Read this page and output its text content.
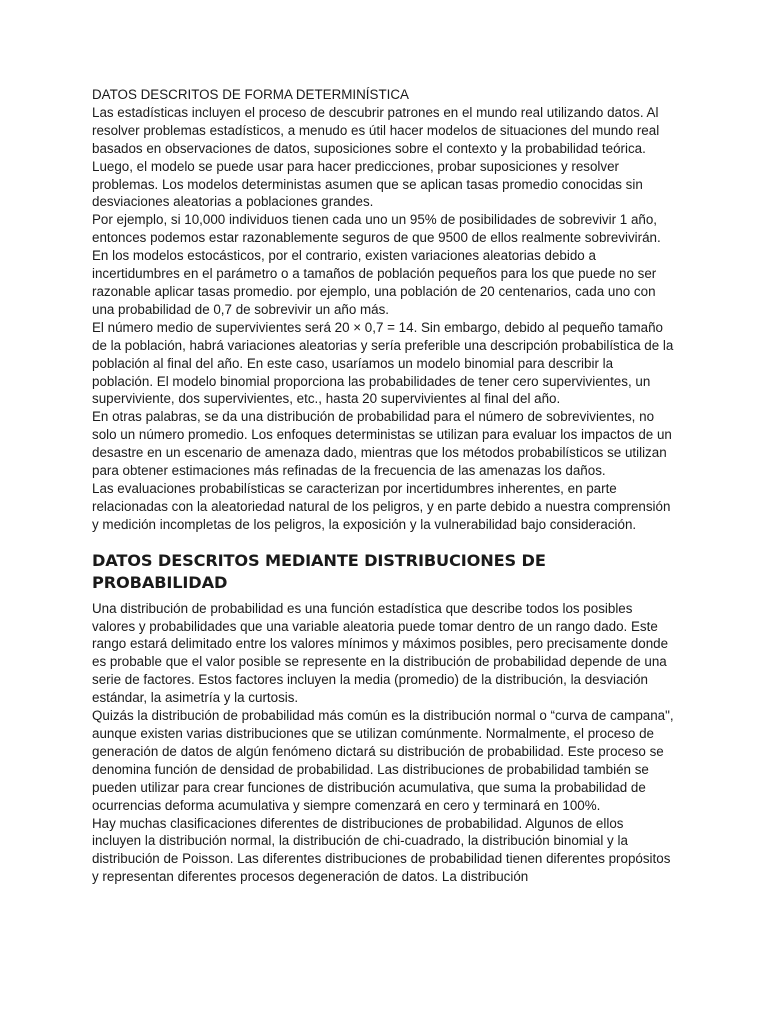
DATOS DESCRITOS DE FORMA DETERMINÍSTICA

Las estadísticas incluyen el proceso de descubrir patrones en el mundo real utilizando datos. Al resolver problemas estadísticos, a menudo es útil hacer modelos de situaciones del mundo real basados en observaciones de datos, suposiciones sobre el contexto y la probabilidad teórica. Luego, el modelo se puede usar para hacer predicciones, probar suposiciones y resolver problemas. Los modelos deterministas asumen que se aplican tasas promedio conocidas sin desviaciones aleatorias a poblaciones grandes.

Por ejemplo, si 10,000 individuos tienen cada uno un 95% de posibilidades de sobrevivir 1 año, entonces podemos estar razonablemente seguros de que 9500 de ellos realmente sobrevivirán. En los modelos estocásticos, por el contrario, existen variaciones aleatorias debido a incertidumbres en el parámetro o a tamaños de población pequeños para los que puede no ser razonable aplicar tasas promedio. por ejemplo, una población de 20 centenarios, cada uno con una probabilidad de 0,7 de sobrevivir un año más.

El número medio de supervivientes será 20 × 0,7 = 14. Sin embargo, debido al pequeño tamaño de la población, habrá variaciones aleatorias y sería preferible una descripción probabilística de la población al final del año. En este caso, usaríamos un modelo binomial para describir la población. El modelo binomial proporciona las probabilidades de tener cero supervivientes, un superviviente, dos supervivientes, etc., hasta 20 supervivientes al final del año.

En otras palabras, se da una distribución de probabilidad para el número de sobrevivientes, no solo un número promedio. Los enfoques deterministas se utilizan para evaluar los impactos de un desastre en un escenario de amenaza dado, mientras que los métodos probabilísticos se utilizan para obtener estimaciones más refinadas de la frecuencia de las amenazas los daños.

Las evaluaciones probabilísticas se caracterizan por incertidumbres inherentes, en parte relacionadas con la aleatoriedad natural de los peligros, y en parte debido a nuestra comprensión y medición incompletas de los peligros, la exposición y la vulnerabilidad bajo consideración.

DATOS DESCRITOS MEDIANTE DISTRIBUCIONES DE PROBABILIDAD

Una distribución de probabilidad es una función estadística que describe todos los posibles valores y probabilidades que una variable aleatoria puede tomar dentro de un rango dado. Este rango estará delimitado entre los valores mínimos y máximos posibles, pero precisamente donde es probable que el valor posible se represente en la distribución de probabilidad depende de una serie de factores. Estos factores incluyen la media (promedio) de la distribución, la desviación estándar, la asimetría y la curtosis.

Quizás la distribución de probabilidad más común es la distribución normal o “curva de campana", aunque existen varias distribuciones que se utilizan comúnmente. Normalmente, el proceso de generación de datos de algún fenómeno dictará su distribución de probabilidad. Este proceso se denomina función de densidad de probabilidad. Las distribuciones de probabilidad también se pueden utilizar para crear funciones de distribución acumulativa, que suma la probabilidad de ocurrencias deforma acumulativa y siempre comenzará en cero y terminará en 100%.

Hay muchas clasificaciones diferentes de distribuciones de probabilidad. Algunos de ellos incluyen la distribución normal, la distribución de chi-cuadrado, la distribución binomial y la distribución de Poisson. Las diferentes distribuciones de probabilidad tienen diferentes propósitos y representan diferentes procesos degeneración de datos. La distribución
